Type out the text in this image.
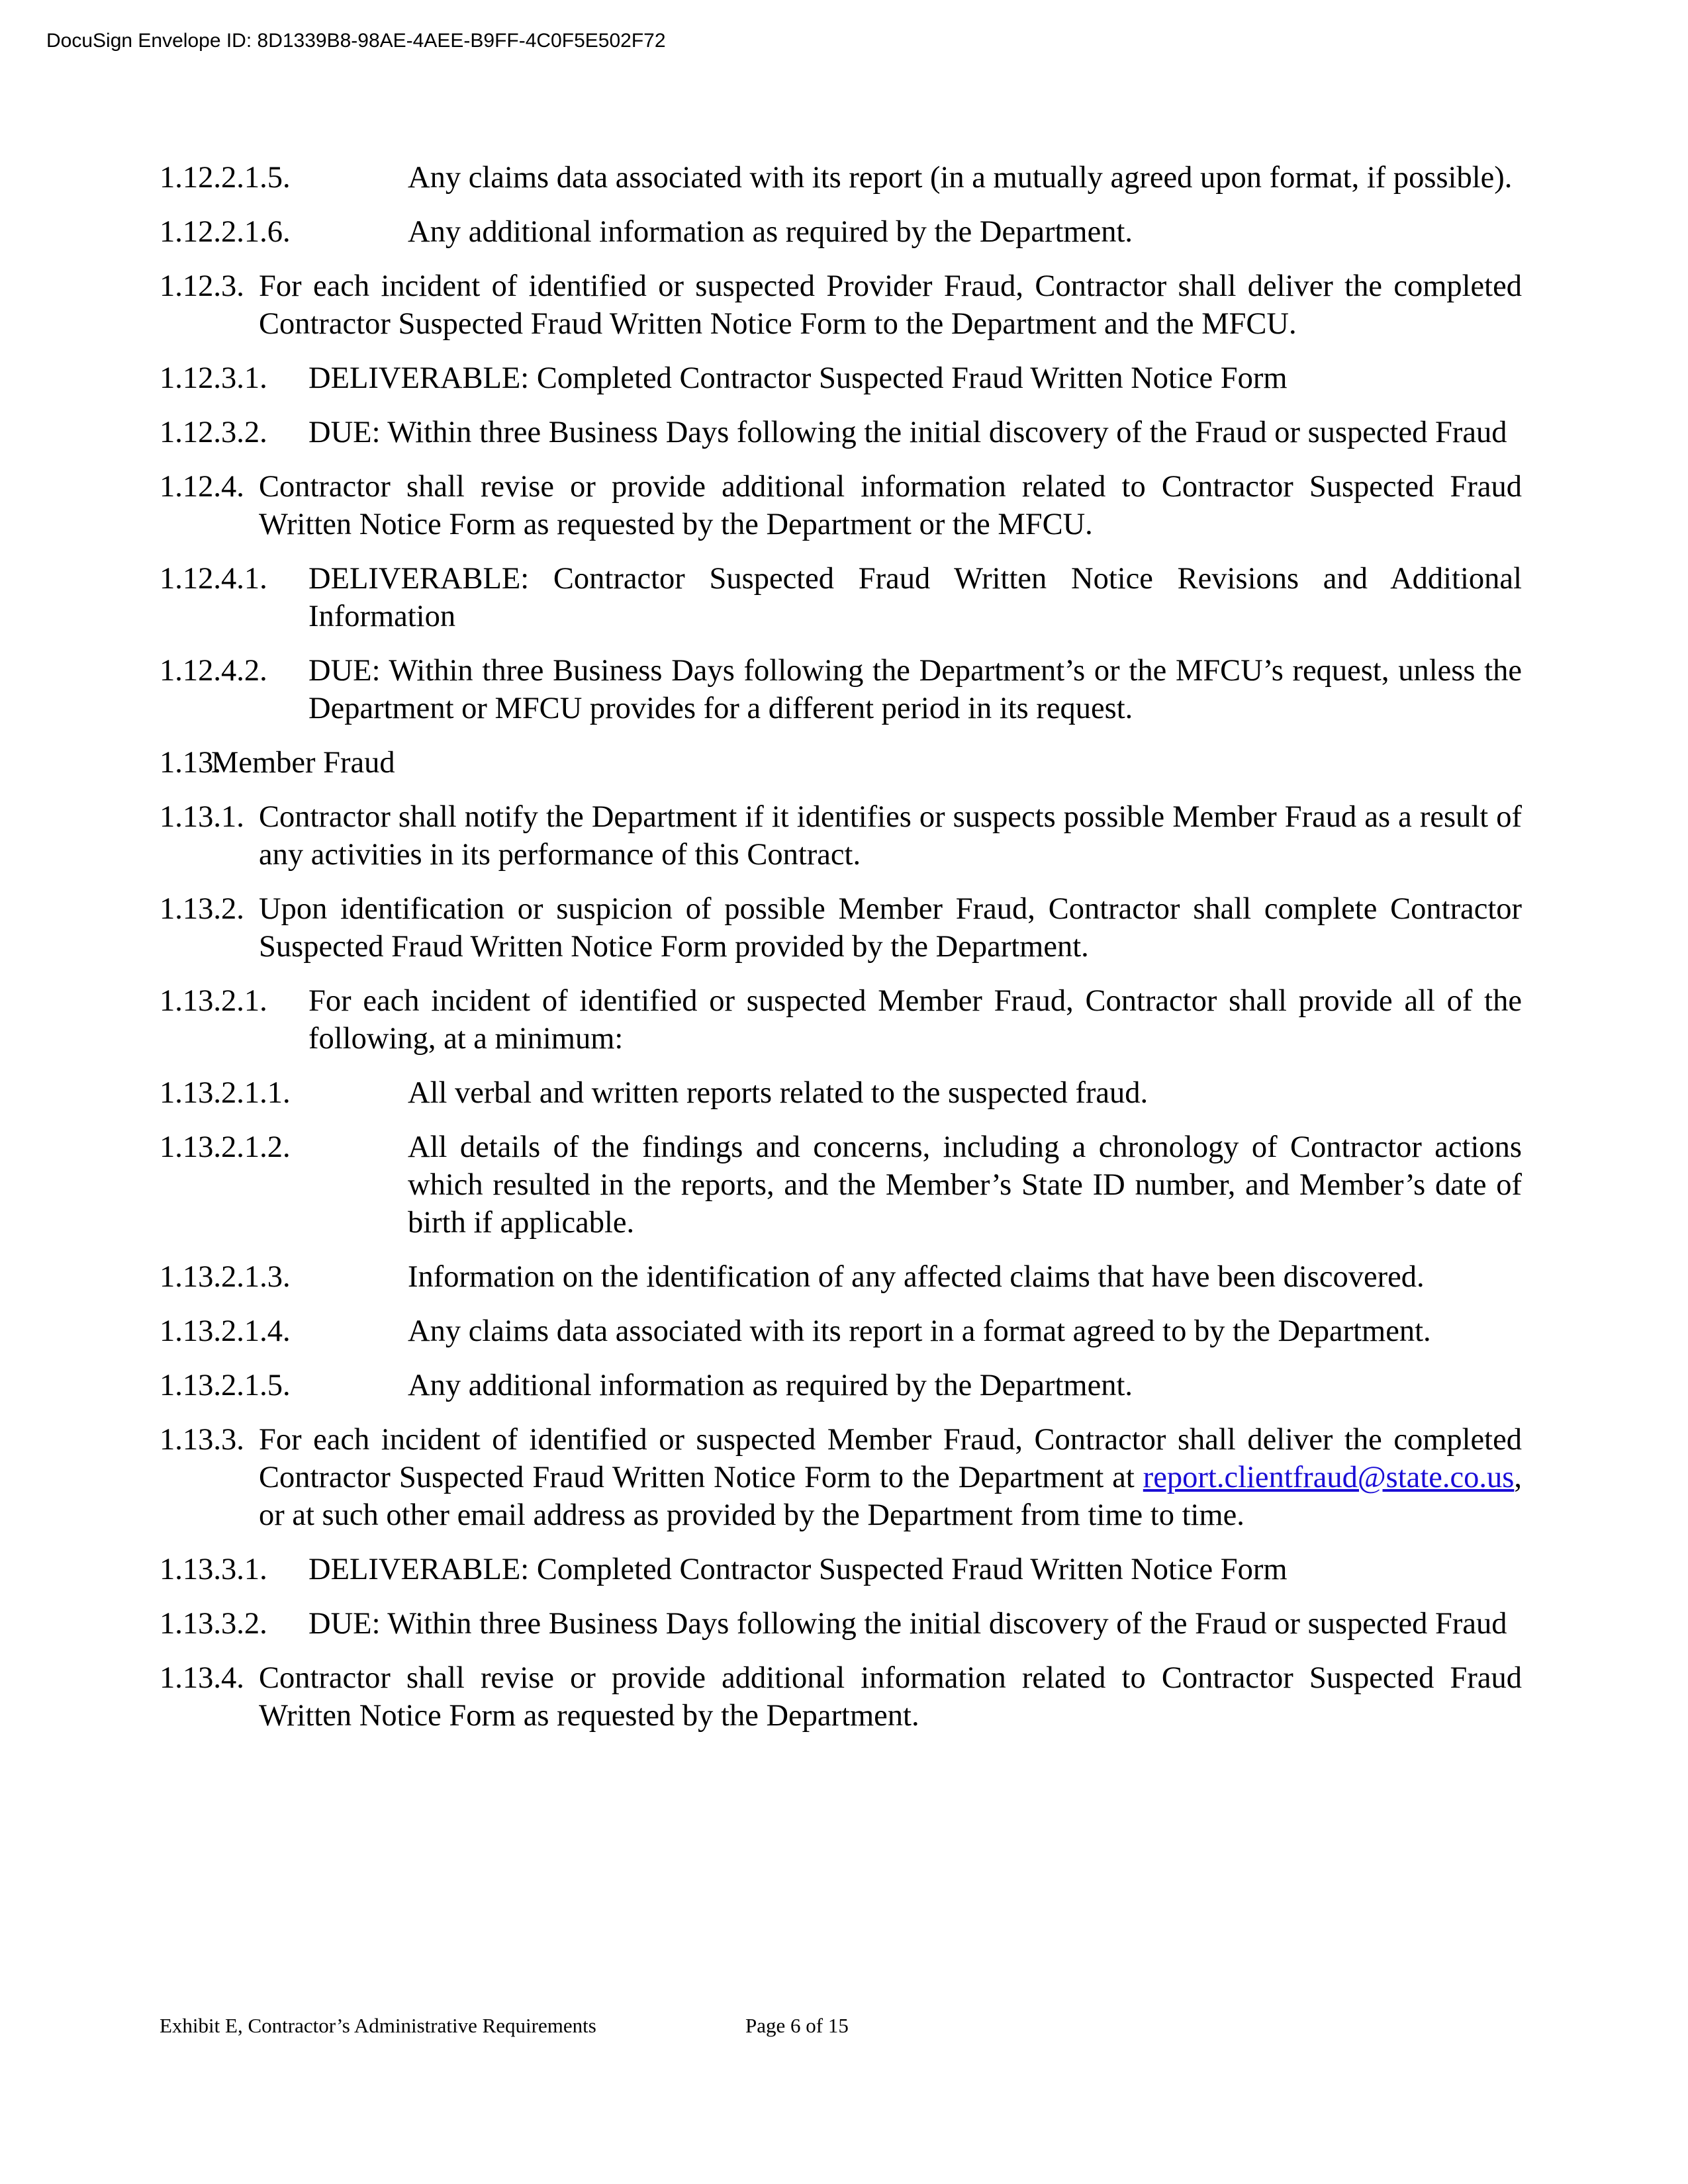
DocuSign Envelope ID: 8D1339B8-98AE-4AEE-B9FF-4C0F5E502F72
1.12.2.1.5.	Any claims data associated with its report (in a mutually agreed upon format, if possible).
1.12.2.1.6.	Any additional information as required by the Department.
1.12.3. For each incident of identified or suspected Provider Fraud, Contractor shall deliver the completed Contractor Suspected Fraud Written Notice Form to the Department and the MFCU.
1.12.3.1. DELIVERABLE: Completed Contractor Suspected Fraud Written Notice Form
1.12.3.2. DUE: Within three Business Days following the initial discovery of the Fraud or suspected Fraud
1.12.4. Contractor shall revise or provide additional information related to Contractor Suspected Fraud Written Notice Form as requested by the Department or the MFCU.
1.12.4.1. DELIVERABLE: Contractor Suspected Fraud Written Notice Revisions and Additional Information
1.12.4.2. DUE: Within three Business Days following the Department’s or the MFCU’s request, unless the Department or MFCU provides for a different period in its request.
1.13.
Member Fraud
1.13.1. Contractor shall notify the Department if it identifies or suspects possible Member Fraud as a result of any activities in its performance of this Contract.
1.13.2. Upon identification or suspicion of possible Member Fraud, Contractor shall complete Contractor Suspected Fraud Written Notice Form provided by the Department.
1.13.2.1. For each incident of identified or suspected Member Fraud, Contractor shall provide all of the following, at a minimum:
1.13.2.1.1.	All verbal and written reports related to the suspected fraud.
1.13.2.1.2.	All details of the findings and concerns, including a chronology of Contractor actions which resulted in the reports, and the Member’s State ID number, and Member’s date of birth if applicable.
1.13.2.1.3.	Information on the identification of any affected claims that have been discovered.
1.13.2.1.4.	Any claims data associated with its report in a format agreed to by the Department.
1.13.2.1.5.	Any additional information as required by the Department.
1.13.3. For each incident of identified or suspected Member Fraud, Contractor shall deliver the completed Contractor Suspected Fraud Written Notice Form to the Department at report.clientfraud@state.co.us, or at such other email address as provided by the Department from time to time.
1.13.3.1. DELIVERABLE: Completed Contractor Suspected Fraud Written Notice Form
1.13.3.2. DUE: Within three Business Days following the initial discovery of the Fraud or suspected Fraud
1.13.4. Contractor shall revise or provide additional information related to Contractor Suspected Fraud Written Notice Form as requested by the Department.
Exhibit E, Contractor’s Administrative Requirements	Page 6 of 15
